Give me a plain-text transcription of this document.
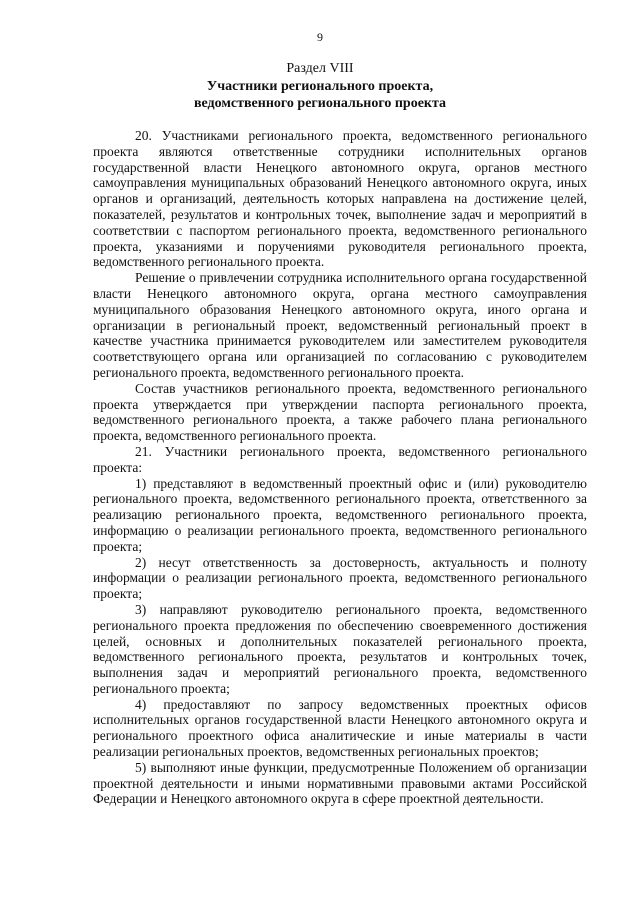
9
Раздел VIII
Участники регионального проекта,
ведомственного регионального проекта

20. Участниками регионального проекта, ведомственного регионального проекта являются ответственные сотрудники исполнительных органов государственной власти Ненецкого автономного округа, органов местного самоуправления муниципальных образований Ненецкого автономного округа, иных органов и организаций, деятельность которых направлена на достижение целей, показателей, результатов и контрольных точек, выполнение задач и мероприятий в соответствии с паспортом регионального проекта, ведомственного регионального проекта, указаниями и поручениями руководителя регионального проекта, ведомственного регионального проекта.

Решение о привлечении сотрудника исполнительного органа государственной власти Ненецкого автономного округа, органа местного самоуправления муниципального образования Ненецкого автономного округа, иного органа и организации в региональный проект, ведомственный региональный проект в качестве участника принимается руководителем или заместителем руководителя соответствующего органа или организацией по согласованию с руководителем регионального проекта, ведомственного регионального проекта.

Состав участников регионального проекта, ведомственного регионального проекта утверждается при утверждении паспорта регионального проекта, ведомственного регионального проекта, а также рабочего плана регионального проекта, ведомственного регионального проекта.

21. Участники регионального проекта, ведомственного регионального проекта:

1) представляют в ведомственный проектный офис и (или) руководителю регионального проекта, ведомственного регионального проекта, ответственного за реализацию регионального проекта, ведомственного регионального проекта, информацию о реализации регионального проекта, ведомственного регионального проекта;

2) несут ответственность за достоверность, актуальность и полноту информации о реализации регионального проекта, ведомственного регионального проекта;

3) направляют руководителю регионального проекта, ведомственного регионального проекта предложения по обеспечению своевременного достижения целей, основных и дополнительных показателей регионального проекта, ведомственного регионального проекта, результатов и контрольных точек, выполнения задач и мероприятий регионального проекта, ведомственного регионального проекта;

4) предоставляют по запросу ведомственных проектных офисов исполнительных органов государственной власти Ненецкого автономного округа и регионального проектного офиса аналитические и иные материалы в части реализации региональных проектов, ведомственных региональных проектов;

5) выполняют иные функции, предусмотренные Положением об организации проектной деятельности и иными нормативными правовыми актами Российской Федерации и Ненецкого автономного округа в сфере проектной деятельности.
